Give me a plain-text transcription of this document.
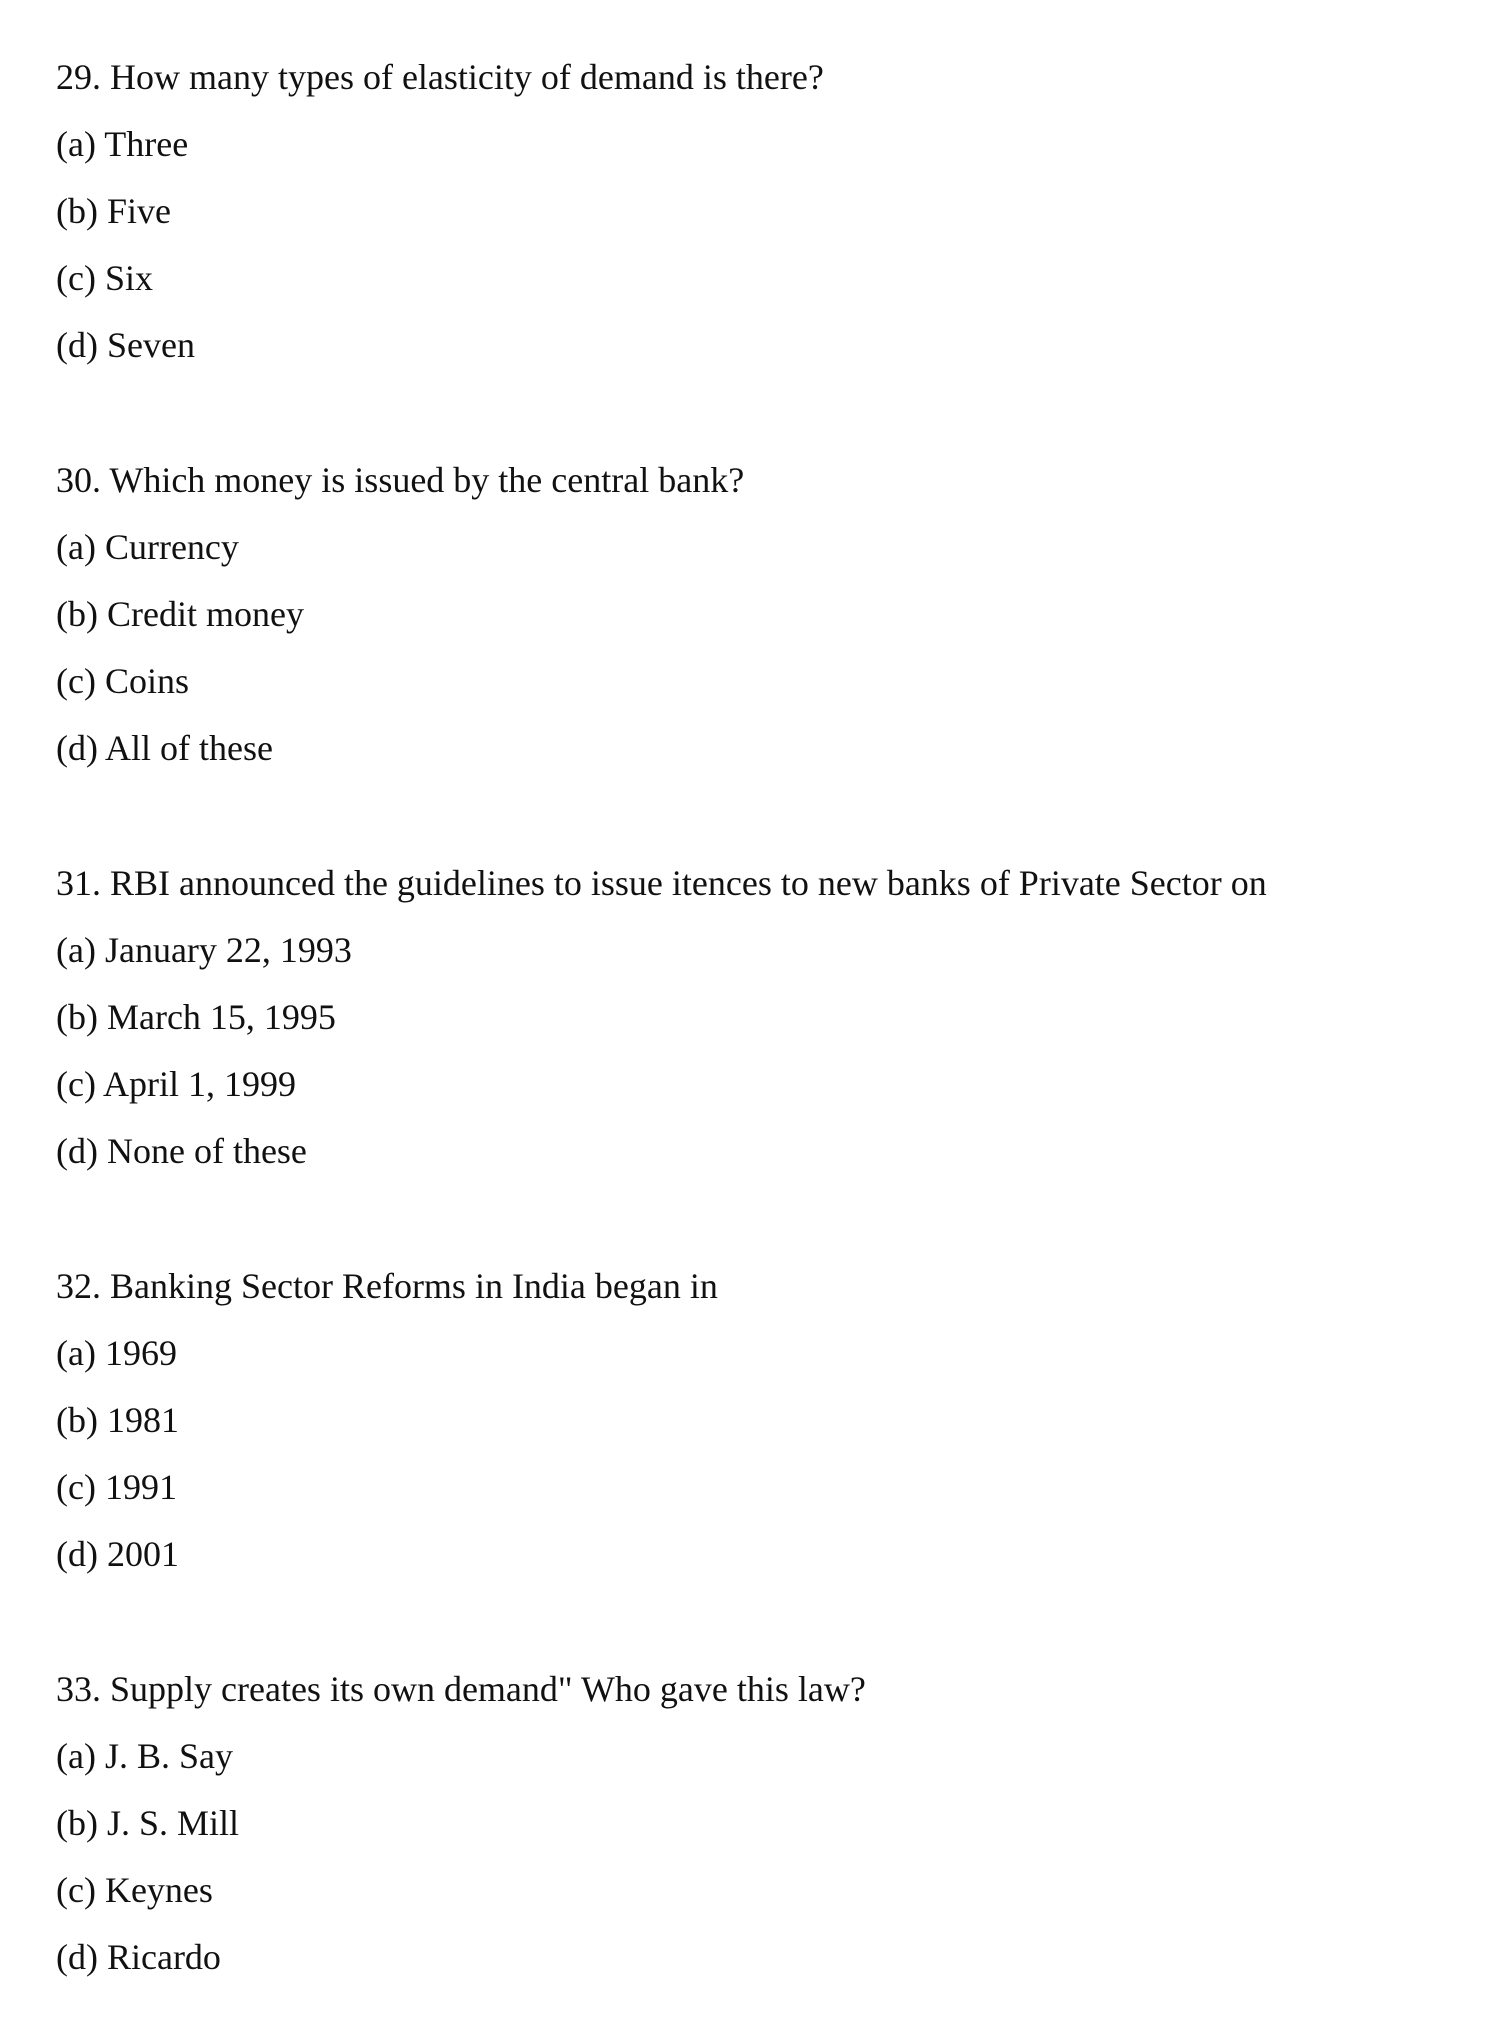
29. How many types of elasticity of demand is there?
(a) Three
(b) Five
(c) Six
(d) Seven
30. Which money is issued by the central bank?
(a) Currency
(b) Credit money
(c) Coins
(d) All of these
31. RBI announced the guidelines to issue itences to new banks of Private Sector on
(a) January 22, 1993
(b) March 15, 1995
(c) April 1, 1999
(d) None of these
32. Banking Sector Reforms in India began in
(a) 1969
(b) 1981
(c) 1991
(d) 2001
33. Supply creates its own demand" Who gave this law?
(a) J. B. Say
(b) J. S. Mill
(c) Keynes
(d) Ricardo
